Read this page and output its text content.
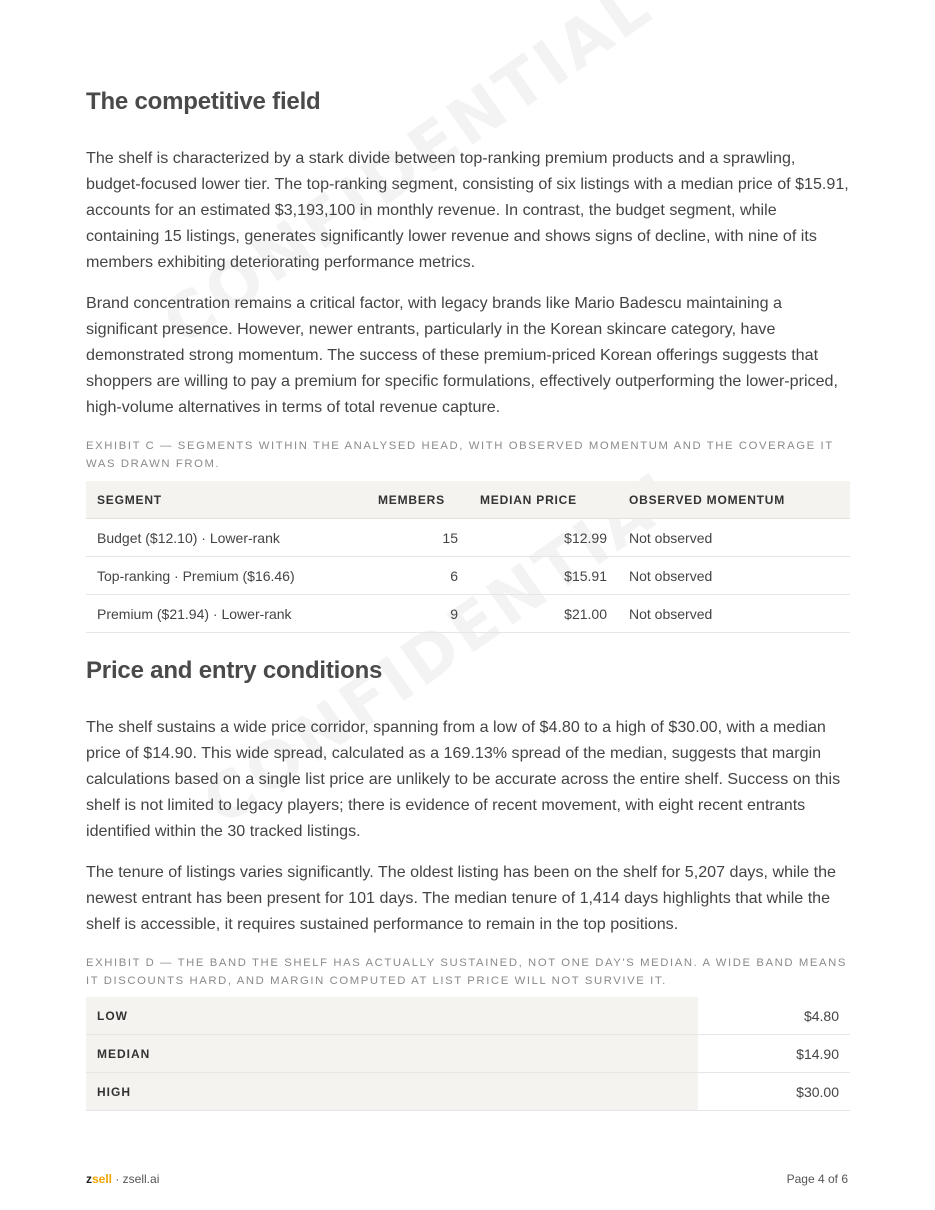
The competitive field

The shelf is characterized by a stark divide between top-ranking premium products and a sprawling, budget-focused lower tier. The top-ranking segment, consisting of six listings with a median price of $15.91, accounts for an estimated $3,193,100 in monthly revenue. In contrast, the budget segment, while containing 15 listings, generates significantly lower revenue and shows signs of decline, with nine of its members exhibiting deteriorating performance metrics.

Brand concentration remains a critical factor, with legacy brands like Mario Badescu maintaining a significant presence. However, newer entrants, particularly in the Korean skincare category, have demonstrated strong momentum. The success of these premium-priced Korean offerings suggests that shoppers are willing to pay a premium for specific formulations, effectively outperforming the lower-priced, high-volume alternatives in terms of total revenue capture.

EXHIBIT C — SEGMENTS WITHIN THE ANALYSED HEAD, WITH OBSERVED MOMENTUM AND THE COVERAGE IT WAS DRAWN FROM.
SEGMENT	MEMBERS	MEDIAN PRICE	OBSERVED MOMENTUM
Budget ($12.10) · Lower-rank	15	$12.99	Not observed
Top-ranking · Premium ($16.46)	6	$15.91	Not observed
Premium ($21.94) · Lower-rank	9	$21.00	Not observed
Price and entry conditions

The shelf sustains a wide price corridor, spanning from a low of $4.80 to a high of $30.00, with a median price of $14.90. This wide spread, calculated as a 169.13% spread of the median, suggests that margin calculations based on a single list price are unlikely to be accurate across the entire shelf. Success on this shelf is not limited to legacy players; there is evidence of recent movement, with eight recent entrants identified within the 30 tracked listings.

The tenure of listings varies significantly. The oldest listing has been on the shelf for 5,207 days, while the newest entrant has been present for 101 days. The median tenure of 1,414 days highlights that while the shelf is accessible, it requires sustained performance to remain in the top positions.

EXHIBIT D — THE BAND THE SHELF HAS ACTUALLY SUSTAINED, NOT ONE DAY'S MEDIAN. A WIDE BAND MEANS IT DISCOUNTS HARD, AND MARGIN COMPUTED AT LIST PRICE WILL NOT SURVIVE IT.
LOW	$4.80
MEDIAN	$14.90
HIGH	$30.00
zsell · zsell.ai	Page 4 of 6
